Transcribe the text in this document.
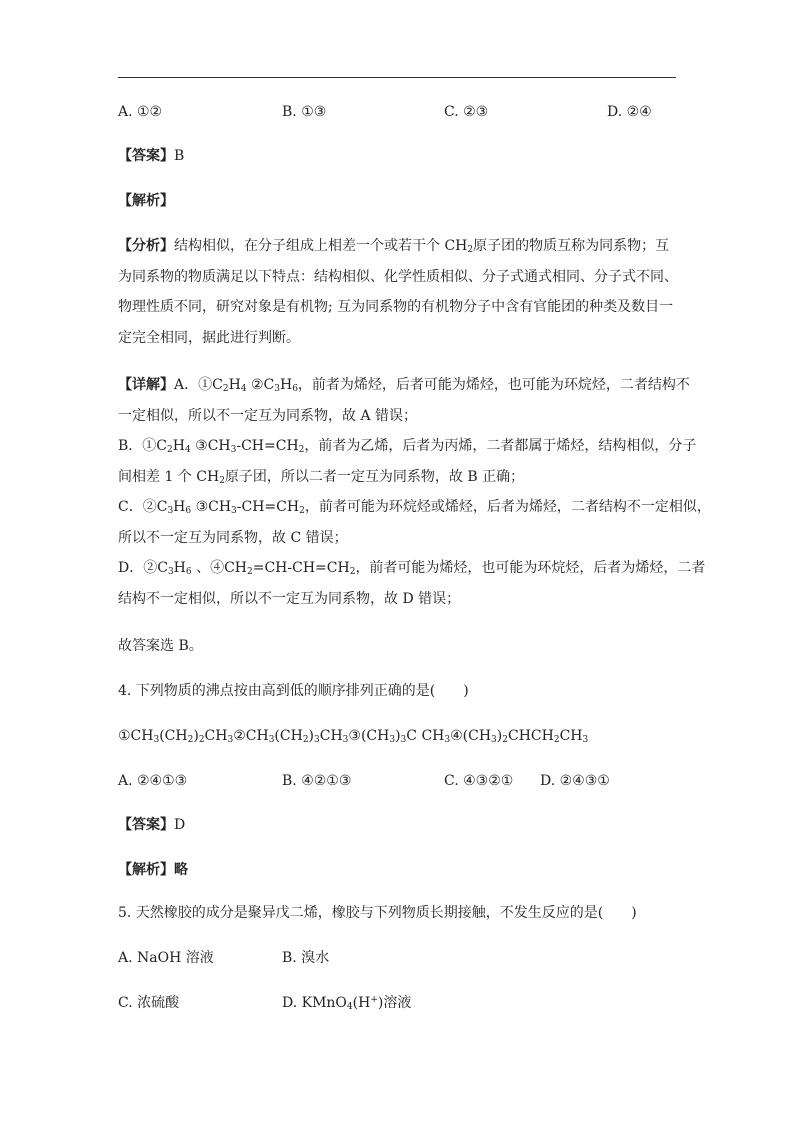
A. ①②	B. ①③	C. ②③	D. ②④
【答案】B
【解析】

【分析】结构相似，在分子组成上相差一个或若干个 $CH_2$原子团的物质互称为同系物；互

为同系物的物质满足以下特点：结构相似、化学性质相似、分子式通式相同、分子式不同、

物理性质不同，研究对象是有机物; 互为同系物的有机物分子中含有官能团的种类及数目一

定完全相同，据此进行判断。

【详解】A．$①C_2H_4$ $②C_3H_6$，前者为烯烃，后者可能为烯烃，也可能为环烷烃，二者结构不

一定相似，所以不一定互为同系物，故 A 错误；

B．$①C_2H_4$ $③CH_3-CH=CH_2$，前者为乙烯，后者为丙烯，二者都属于烯烃，结构相似，分子

间相差 1 个 $CH_2$原子团，所以二者一定互为同系物，故 B 正确；

C．$②C_3H_6$ $③CH_3-CH=CH_2$，前者可能为环烷烃或烯烃，后者为烯烃，二者结构不一定相似，

所以不一定互为同系物，故 C 错误；

D．$②C_3H_6$ 、$④CH_2=CH-CH=CH_2$，前者可能为烯烃，也可能为环烷烃，后者为烯烃，二者

结构不一定相似，所以不一定互为同系物，故 D 错误；

故答案选 B。
4. 下列物质的沸点按由高到低的顺序排列正确的是(　　)
$①CH_3(CH_2)_2CH_3②CH_3(CH_2)_3CH_3③(CH_3)_3C$ $CH_3④(CH_3)_2CHCH_2CH_3$
A. ②④①③	B. ④②①③	C. ④③②① D. ②④③①
【答案】D
【解析】略
5. 天然橡胶的成分是聚异戊二烯，橡胶与下列物质长期接触，不发生反应的是(　　)
A. NaOH 溶液	B. 溴水
C. 浓硫酸	D. KMnO$_4$(H+)溶液
